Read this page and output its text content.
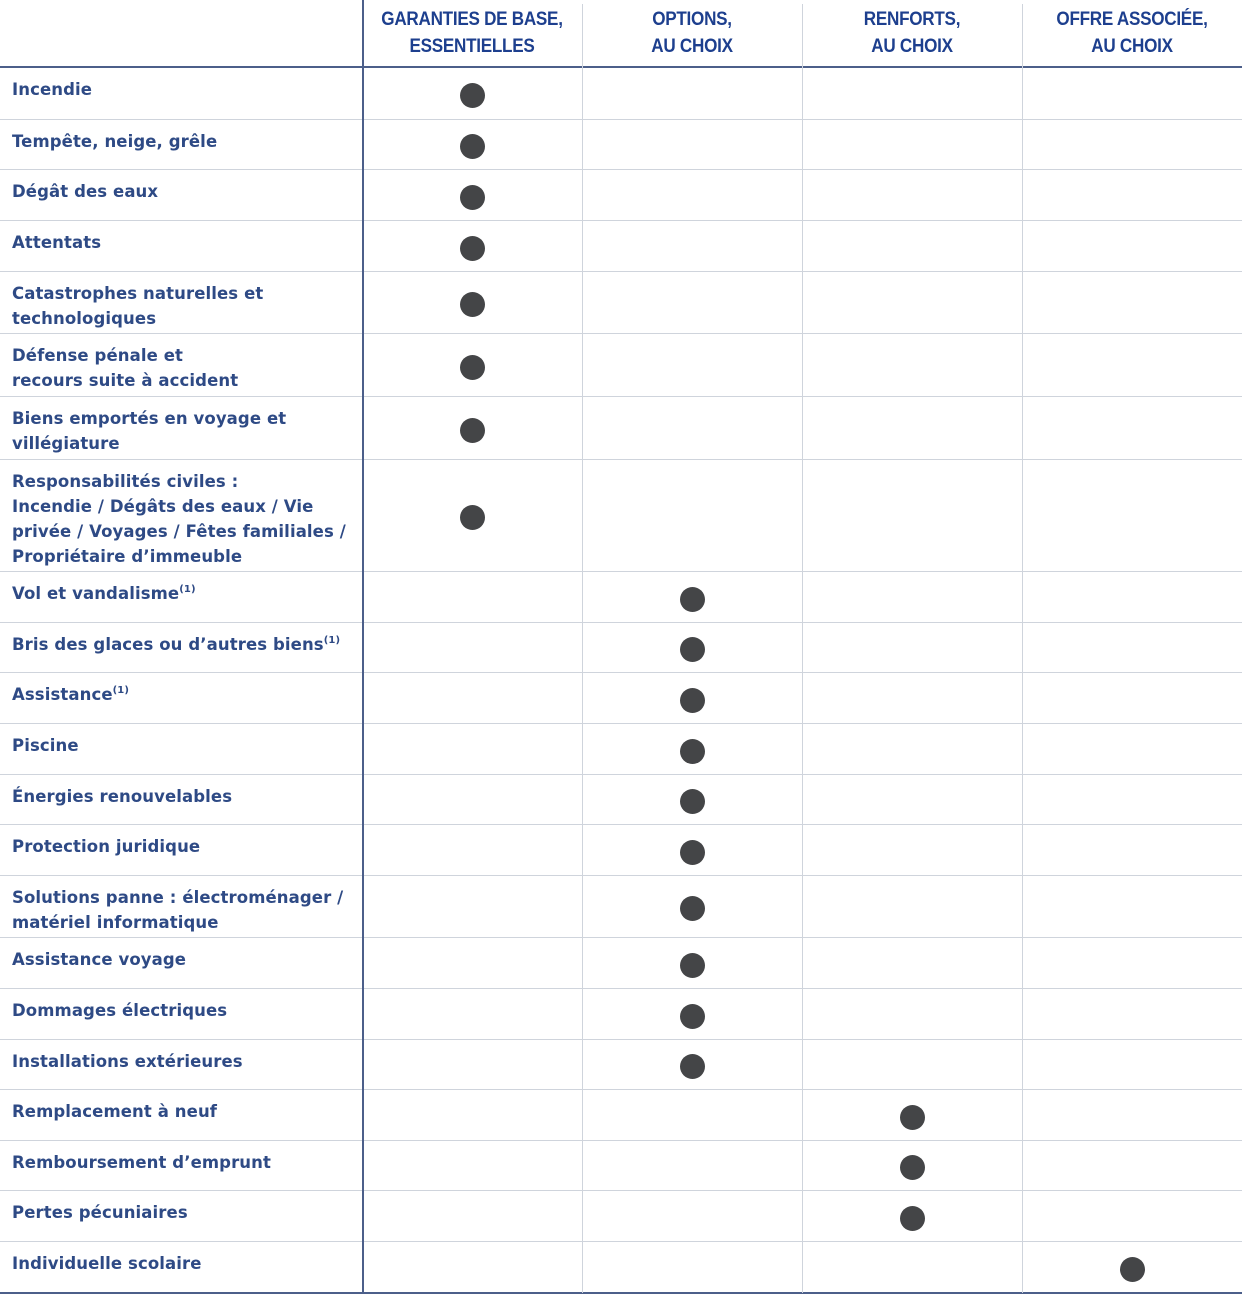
GARANTIES DE BASE,
ESSENTIELLES
OPTIONS,
AU CHOIX
RENFORTS,
AU CHOIX
OFFRE ASSOCIÉE,
AU CHOIX
Incendie
Tempête, neige, grêle
Dégât des eaux
Attentats
Catastrophes naturelles et
technologiques
Défense pénale et
recours suite à accident
Biens emportés en voyage et
villégiature
Responsabilités civiles :
Incendie / Dégâts des eaux / Vie
privée / Voyages / Fêtes familiales /
Propriétaire d’immeuble
Vol et vandalisme$^{(1)}$
Bris des glaces ou d’autres biens$^{(1)}$
Assistance$^{(1)}$
Piscine
Énergies renouvelables
Protection juridique
Solutions panne : électroménager /
matériel informatique
Assistance voyage
Dommages électriques
Installations extérieures
Remplacement à neuf
Remboursement d’emprunt
Pertes pécuniaires
Individuelle scolaire
